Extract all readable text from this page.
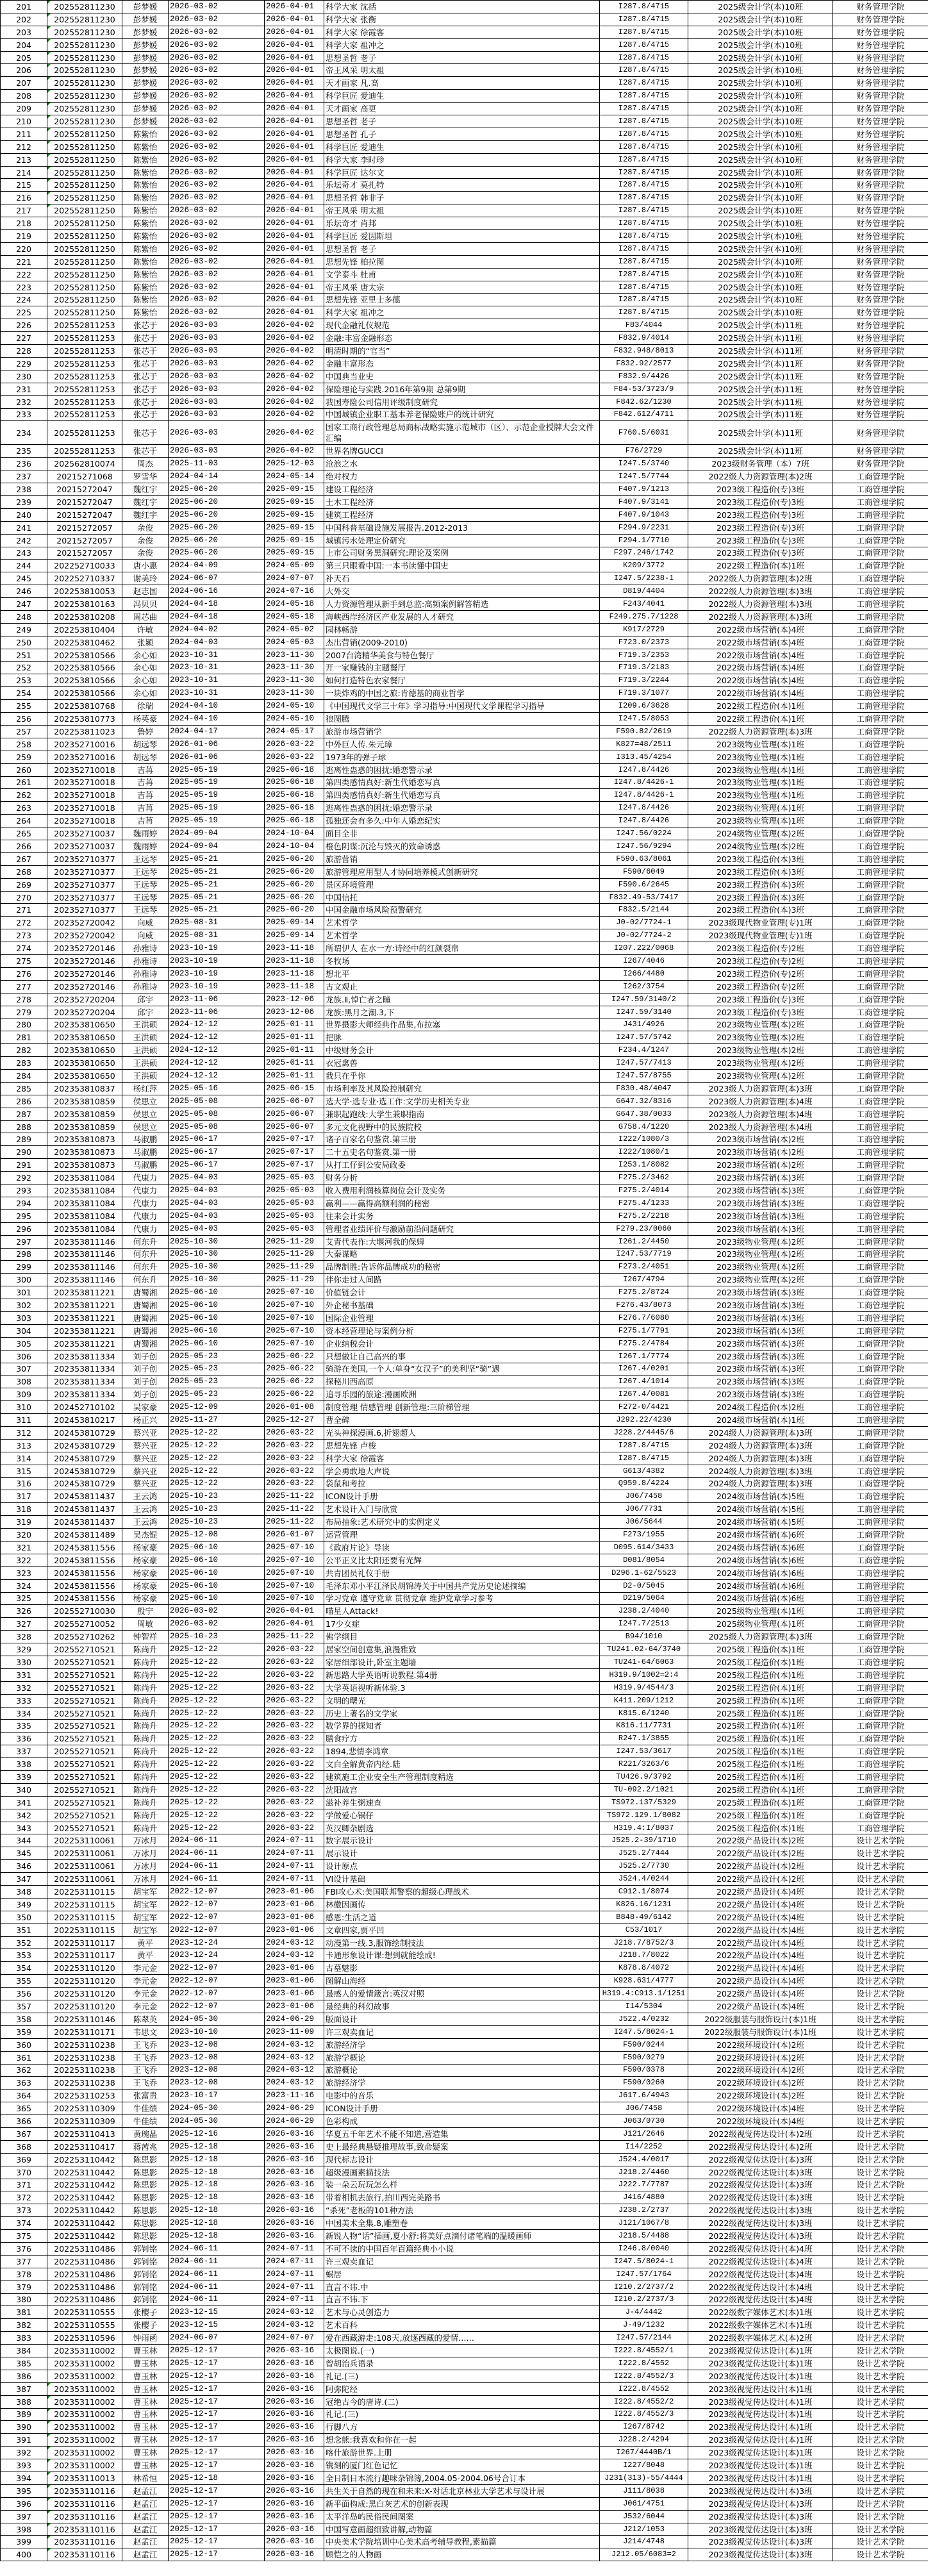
201	202552811230	彭梦媛	2026-03-02	2026-04-01	科学大家 沈括	I287.8/4715	2025级会计学(本)10班	财务管理学院
202	202552811230	彭梦媛	2026-03-02	2026-04-01	科学大家 张衡	I287.8/4715	2025级会计学(本)10班	财务管理学院
203	202552811230	彭梦媛	2026-03-02	2026-04-01	科学大家 徐霞客	I287.8/4715	2025级会计学(本)10班	财务管理学院
204	202552811230	彭梦媛	2026-03-02	2026-04-01	科学大家 祖冲之	I287.8/4715	2025级会计学(本)10班	财务管理学院
205	202552811230	彭梦媛	2026-03-02	2026-04-01	思想圣哲 老子	I287.8/4715	2025级会计学(本)10班	财务管理学院
206	202552811230	彭梦媛	2026-03-02	2026-04-01	帝王风采 明太祖	I287.8/4715	2025级会计学(本)10班	财务管理学院
207	202552811230	彭梦媛	2026-03-02	2026-04-01	天才画家 凡.高	I287.8/4715	2025级会计学(本)10班	财务管理学院
208	202552811230	彭梦媛	2026-03-02	2026-04-01	科学巨匠 爱迪生	I287.8/4715	2025级会计学(本)10班	财务管理学院
209	202552811230	彭梦媛	2026-03-02	2026-04-01	天才画家 高更	I287.8/4715	2025级会计学(本)10班	财务管理学院
210	202552811230	彭梦媛	2026-03-02	2026-04-01	思想圣哲 老子	I287.8/4715	2025级会计学(本)10班	财务管理学院
211	202552811250	陈紫怡	2026-03-02	2026-04-01	思想圣哲 孔子	I287.8/4715	2025级会计学(本)10班	财务管理学院
212	202552811250	陈紫怡	2026-03-02	2026-04-01	科学巨匠 爱迪生	I287.8/4715	2025级会计学(本)10班	财务管理学院
213	202552811250	陈紫怡	2026-03-02	2026-04-01	科学大家 李时珍	I287.8/4715	2025级会计学(本)10班	财务管理学院
214	202552811250	陈紫怡	2026-03-02	2026-04-01	科学巨匠 达尔文	I287.8/4715	2025级会计学(本)10班	财务管理学院
215	202552811250	陈紫怡	2026-03-02	2026-04-01	乐坛奇才 莫扎特	I287.8/4715	2025级会计学(本)10班	财务管理学院
216	202552811250	陈紫怡	2026-03-02	2026-04-01	思想圣哲 韩非子	I287.8/4715	2025级会计学(本)10班	财务管理学院
217	202552811250	陈紫怡	2026-03-02	2026-04-01	帝王风采 明太祖	I287.8/4715	2025级会计学(本)10班	财务管理学院
218	202552811250	陈紫怡	2026-03-02	2026-04-01	乐坛奇才 肖邦	I287.8/4715	2025级会计学(本)10班	财务管理学院
219	202552811250	陈紫怡	2026-03-02	2026-04-01	科学巨匠 爱因斯坦	I287.8/4715	2025级会计学(本)10班	财务管理学院
220	202552811250	陈紫怡	2026-03-02	2026-04-01	思想圣哲 老子	I287.8/4715	2025级会计学(本)10班	财务管理学院
221	202552811250	陈紫怡	2026-03-02	2026-04-01	思想先锋 柏拉图	I287.8/4715	2025级会计学(本)10班	财务管理学院
222	202552811250	陈紫怡	2026-03-02	2026-04-01	文学泰斗 杜甫	I287.8/4715	2025级会计学(本)10班	财务管理学院
223	202552811250	陈紫怡	2026-03-02	2026-04-01	帝王风采 唐太宗	I287.8/4715	2025级会计学(本)10班	财务管理学院
224	202552811250	陈紫怡	2026-03-02	2026-04-01	思想先锋 亚里士多德	I287.8/4715	2025级会计学(本)10班	财务管理学院
225	202552811250	陈紫怡	2026-03-02	2026-04-01	科学大家 祖冲之	I287.8/4715	2025级会计学(本)10班	财务管理学院
226	202552811253	张芯于	2026-03-03	2026-04-02	现代金融礼仪规范	F83/4044	2025级会计学(本)11班	财务管理学院
227	202552811253	张芯于	2026-03-03	2026-04-02	金融:丰富金融形态	F832.9/4014	2025级会计学(本)11班	财务管理学院
228	202552811253	张芯于	2026-03-03	2026-04-02	明清时期的“官当”	F832.948/8013	2025级会计学(本)11班	财务管理学院
229	202552811253	张芯于	2026-03-03	2026-04-02	金融丰富形态	F832.92/2577	2025级会计学(本)11班	财务管理学院
230	202552811253	张芯于	2026-03-03	2026-04-02	中国典当业史	F832.9/4426	2025级会计学(本)11班	财务管理学院
231	202552811253	张芯于	2026-03-03	2026-04-02	保险理论与实践.2016年第9期 总第9期	F84-53/3723/9	2025级会计学(本)11班	财务管理学院
232	202552811253	张芯于	2026-03-03	2026-04-02	我国寿险公司信用评级制度研究	F842.62/1230	2025级会计学(本)11班	财务管理学院
233	202552811253	张芯于	2026-03-03	2026-04-02	中国城镇企业职工基本养老保险账户的统计研究	F842.612/4711	2025级会计学(本)11班	财务管理学院
234	202552811253	张芯于	2026-03-03	2026-04-02	国家工商行政管理总局商标战略实施示范城市（区）、示范企业授牌大会文件汇编	F760.5/6031	2025级会计学(本)11班	财务管理学院
235	202552811253	张芯于	2026-03-03	2026-04-02	世界名牌GUCCI	F76/2729	2025级会计学(本)11班	财务管理学院
236	202562810074	周杰	2025-11-03	2025-12-03	沧浪之水	I247.5/3740	2023级财务管理（本）7班	财务管理学院
237	20215271068	罗雪华	2024-04-14	2024-05-14	绝对权力	I247.5/7744	2022级人力资源管理(本)2班	工商管理学院
238	20215272047	魏红宇	2025-06-20	2025-09-15	建设工程经济	F407.9/1213	2023级工程造价(专)3班	工商管理学院
239	20215272047	魏红宇	2025-06-20	2025-09-15	土木工程经济	F407.9/3141	2023级工程造价(专)3班	工商管理学院
240	20215272047	魏红宇	2025-06-20	2025-09-15	建筑工程经济	F407.9/1043	2023级工程造价(专)3班	工商管理学院
241	20215272057	余俊	2025-06-20	2025-09-15	中国科普基础设施发展报告.2012-2013	F294.9/2231	2023级工程造价(专)3班	工商管理学院
242	20215272057	余俊	2025-06-20	2025-09-15	城镇污水处理定价研究	F294.1/7710	2023级工程造价(专)3班	工商管理学院
243	20215272057	余俊	2025-06-20	2025-09-15	上市公司财务黑洞研究:理论及案例	F297.246/1742	2023级工程造价(专)3班	工商管理学院
244	202252710033	唐小惠	2024-04-09	2024-05-09	第三只眼看中国:一本书读懂中国史	K209/3772	2022级工程造价(本)1班	工商管理学院
245	202252710337	谢美玲	2024-06-07	2024-07-07	补天石	I247.5/2238-1	2022级人力资源管理(本)2班	工商管理学院
246	202253810053	赵志国	2024-06-16	2024-07-16	大外交	D819/4404	2022级人力资源管理(本)3班	工商管理学院
247	202253810163	冯贝贝	2024-04-18	2024-05-18	人力资源管理从新手到总监:高频案例解答精选	F243/4041	2022级人力资源管理(本)3班	工商管理学院
248	202253810208	周芯曲	2024-04-18	2024-05-18	海峡西岸经济区产业发展的人才研究	F249.275.7/1228	2022级人力资源管理(本)3班	工商管理学院
249	202253810404	许敏	2024-04-02	2024-05-02	园林畅游	K917/2729	2022级市场营销(本)4班	工商管理学院
250	202253810462	张颍	2024-04-03	2024-05-03	杰出营销(2009-2010)	F723.0/2373	2022级市场营销(本)4班	工商管理学院
251	202253810566	余心如	2023-10-31	2023-11-30	2007台湾精华美食与特色餐厅	F719.3/2353	2022级市场营销(本)4班	工商管理学院
252	202253810566	余心如	2023-10-31	2023-11-30	开一家赚钱的主题餐厅	F719.3/2183	2022级市场营销(本)4班	工商管理学院
253	202253810566	余心如	2023-10-31	2023-11-30	如何打造特色农家餐厅	F719.3/2244	2022级市场营销(本)4班	工商管理学院
254	202253810566	余心如	2023-10-31	2023-11-30	一块炸鸡的中国之旅:肯德基的商业哲学	F719.3/1077	2022级市场营销(本)4班	工商管理学院
255	202253810768	徐瑞	2024-04-10	2024-05-10	《中国现代文学三十年》学习指导:中国现代文学课程学习指导	I209.6/3628	2022级工程造价(本)1班	工商管理学院
256	202253810773	杨英豪	2024-04-10	2024-05-10	狼图腾	I247.5/8053	2022级工程造价(本)1班	工商管理学院
257	202253811023	鲁婷	2024-04-17	2024-05-17	旅游市场营销学	F590.82/2619	2022级人力资源管理(本)3班	工商管理学院
258	202352710016	胡远琴	2026-01-06	2026-03-22	中外巨人传.朱元璋	K827=48/2511	2023级物业管理(本)1班	工商管理学院
259	202352710016	胡远琴	2026-01-06	2026-03-22	1973年的弹子球	I313.45/4254	2023级物业管理(本)1班	工商管理学院
260	202352710018	吉苒	2025-05-19	2025-06-18	逃离性蛊惑的困扰:婚恋警示录	I247.8/4426	2023级物业管理(本)1班	工商管理学院
261	202352710018	吉苒	2025-05-19	2025-06-18	第四类感情真好:新生代婚恋写真	I247.8/4426-1	2023级物业管理(本)1班	工商管理学院
262	202352710018	吉苒	2025-05-19	2025-06-18	第四类感情真好:新生代婚恋写真	I247.8/4426-1	2023级物业管理(本)1班	工商管理学院
263	202352710018	吉苒	2025-05-19	2025-06-18	逃离性蛊惑的困扰:婚恋警示录	I247.8/4426	2023级物业管理(本)1班	工商管理学院
264	202352710018	吉苒	2025-05-19	2025-06-18	孤独还会有多久:中年人婚恋纪实	I247.8/4426	2023级物业管理(本)1班	工商管理学院
265	202352710037	魏雨婷	2024-09-04	2024-10-04	面目全非	I247.56/0224	2024级物业管理(本)2班	工商管理学院
266	202352710037	魏雨婷	2024-09-04	2024-10-04	橙色阴谋:沉沦与毁灭的致命诱惑	I247.56/9294	2024级物业管理(本)2班	工商管理学院
267	202352710377	王远琴	2025-05-21	2025-06-20	旅游营销	F590.63/8061	2023级工程造价(本)3班	工商管理学院
268	202352710377	王远琴	2025-05-21	2025-06-20	旅游管理应用型人才协同培养模式创新研究	F590/6049	2023级工程造价(本)3班	工商管理学院
269	202352710377	王远琴	2025-05-21	2025-06-20	景区环境管理	F590.6/2645	2023级工程造价(本)3班	工商管理学院
270	202352710377	王远琴	2025-05-21	2025-06-20	中国信托	F832.49-53/7417	2023级工程造价(本)3班	工商管理学院
271	202352710377	王远琴	2025-05-21	2025-06-20	中国金融市场风险预警研究	F832.5/2144	2023级工程造价(本)3班	工商管理学院
272	202352720042	向威	2025-08-31	2025-09-14	艺术哲学	J0-02/7724-1	2023级现代物业管理(专)1班	工商管理学院
273	202352720042	向威	2025-08-31	2025-09-14	艺术哲学	J0-02/7724-2	2023级现代物业管理(专)1班	工商管理学院
274	202352720146	孙雅诗	2023-10-19	2023-11-18	所谓伊人 在水一方:诗经中的红颜裂帛	I207.222/0068	2023级工程造价(专)2班	工商管理学院
275	202352720146	孙雅诗	2023-10-19	2023-11-18	冬牧场	I267/4046	2023级工程造价(专)2班	工商管理学院
276	202352720146	孙雅诗	2023-10-19	2023-11-18	想北平	I266/4480	2023级工程造价(专)2班	工商管理学院
277	202352720146	孙雅诗	2023-10-19	2023-11-18	古文观止	I262/3754	2023级工程造价(专)2班	工商管理学院
278	202352720204	邱宇	2023-11-06	2023-12-06	龙族.Ⅱ,悼亡者之瞳	I247.59/3140/2	2023级工程造价(专)3班	工商管理学院
279	202352720204	邱宇	2023-11-06	2023-12-06	龙族:黑月之潮.3,下	I247.59/3140	2023级工程造价(专)3班	工商管理学院
280	202353810650	王洪硕	2024-12-12	2025-01-11	世界摄影大师经典作品集,布拉塞	J431/4926	2023级物业管理(本)2班	工商管理学院
281	202353810650	王洪硕	2024-12-12	2025-01-11	把脉	I247.57/5742	2023级物业管理(本)2班	工商管理学院
282	202353810650	王洪硕	2024-12-12	2025-01-11	中级财务会计	F234.4/1247	2023级物业管理(本)2班	工商管理学院
283	202353810650	王洪硕	2024-12-12	2025-01-11	衣冠禽兽	I247.57/7413	2023级物业管理(本)2班	工商管理学院
284	202353810650	王洪硕	2024-12-12	2025-01-11	我只在乎你	I247.57/8755	2023级物业管理(本)2班	工商管理学院
285	202353810837	杨红萍	2025-05-16	2025-06-15	市场利率及其风险控制研究	F830.48/4047	2023级人力资源管理(本)3班	工商管理学院
286	202353810859	侯思立	2025-05-08	2025-06-07	选大学·选专业·选工作:文学历史相关专业	G647.32/8316	2023级人力资源管理(本)4班	工商管理学院
287	202353810859	侯思立	2025-05-08	2025-06-07	兼职起跑线:大学生兼职指南	G647.38/0033	2023级人力资源管理(本)4班	工商管理学院
288	202353810859	侯思立	2025-05-08	2025-06-07	多元文化视野中的民族院校	G758.4/1220	2023级人力资源管理(本)4班	工商管理学院
289	202353810873	马淑鹏	2025-06-17	2025-07-17	诸子百家名句鉴赏.第三册	I222/1080/3	2023级市场营销(本)2班	工商管理学院
290	202353810873	马淑鹏	2025-06-17	2025-07-17	二十五史名句鉴赏.第一册	I222/1080/1	2023级市场营销(本)2班	工商管理学院
291	202353810873	马淑鹏	2025-06-17	2025-07-17	从打工仔到公安局政委	I253.1/8082	2023级市场营销(本)2班	工商管理学院
292	202353811084	代康力	2025-04-03	2025-05-03	财务分析	F275.2/3462	2023级市场营销(本)3班	工商管理学院
293	202353811084	代康力	2025-04-03	2025-05-03	收入费用利润核算岗位会计及实务	F275.2/4014	2023级市场营销(本)3班	工商管理学院
294	202353811084	代康力	2025-04-03	2025-05-03	赢利——赢得高额利润的秘密	F275.4/1233	2023级市场营销(本)3班	工商管理学院
295	202353811084	代康力	2025-04-03	2025-05-03	往来会计实务	F275.2/2218	2023级市场营销(本)3班	工商管理学院
296	202353811084	代康力	2025-04-03	2025-05-03	管理者业绩评价与激励前沿问题研究	F279.23/0060	2023级市场营销(本)3班	工商管理学院
297	202353811146	何东升	2025-10-30	2025-11-29	艾青代表作:大堰河我的保姆	I261.2/4450	2023级物业管理(本)2班	工商管理学院
298	202353811146	何东升	2025-10-30	2025-11-29	大秦谋略	I247.53/7719	2023级物业管理(本)2班	工商管理学院
299	202353811146	何东升	2025-10-30	2025-11-29	品牌制胜:告诉你品牌成功的秘密	F273.2/4051	2023级物业管理(本)2班	工商管理学院
300	202353811146	何东升	2025-10-30	2025-11-29	伴你走过人间路	I267/4794	2023级物业管理(本)2班	工商管理学院
301	202353811221	唐蜀湘	2025-06-10	2025-07-10	价值链会计	F275.2/8724	2023级市场营销(本)3班	工商管理学院
302	202353811221	唐蜀湘	2025-06-10	2025-07-10	外企秘书基础	F276.43/8073	2023级市场营销(本)3班	工商管理学院
303	202353811221	唐蜀湘	2025-06-10	2025-07-10	国际企业管理	F276.7/6080	2023级市场营销(本)3班	工商管理学院
304	202353811221	唐蜀湘	2025-06-10	2025-07-10	资本经营理论与案例分析	F275.1/7791	2023级市场营销(本)3班	工商管理学院
305	202353811221	唐蜀湘	2025-06-10	2025-07-10	企业纳税会计	F275.2/4784	2023级市场营销(本)3班	工商管理学院
306	202353811334	刘子创	2025-05-23	2025-06-22	只想做让自己高兴的事	I267.1/7774	2023级市场营销(本)3班	工商管理学院
307	202353811334	刘子创	2025-05-23	2025-06-22	骑游在美国,一个人:单身“女汉子”的美利坚“骑”遇	I267.4/0201	2023级市场营销(本)3班	工商管理学院
308	202353811334	刘子创	2025-05-23	2025-06-22	探秘川西高原	I267.4/1014	2023级市场营销(本)3班	工商管理学院
309	202353811334	刘子创	2025-05-23	2025-06-22	追寻乐园的旅途:漫画欧洲	I267.4/0081	2023级市场营销(本)3班	工商管理学院
310	202452710102	吴家豪	2025-12-09	2026-01-08	制度管理 情感管理 创新管理:三阶梯管理	F272-0/4421	2024级工程造价(本)2班	工商管理学院
311	202453810217	杨正兴	2025-11-27	2025-12-27	曹全碑	J292.22/4230	2024级市场营销(本)1班	工商管理学院
312	202453810729	蔡兴亚	2025-12-22	2026-03-22	光头神探漫画.6,折翅超人	J228.2/4445/6	2024级人力资源管理(本)3班	工商管理学院
313	202453810729	蔡兴亚	2025-12-22	2026-03-22	思想先锋 卢梭	I287.8/4715	2024级人力资源管理(本)3班	工商管理学院
314	202453810729	蔡兴亚	2025-12-22	2026-03-22	科学大家 徐霞客	I287.8/4715	2024级人力资源管理(本)3班	工商管理学院
315	202453810729	蔡兴亚	2025-12-22	2026-03-22	学会勇敢地大声说	G613/4382	2024级人力资源管理(本)3班	工商管理学院
316	202453810729	蔡兴亚	2025-12-22	2026-03-22	袋鼠和考拉	Q959.8/4224	2024级人力资源管理(本)3班	工商管理学院
317	202453811437	王云鸿	2025-10-23	2025-11-22	ICON设计手册	J06/7458	2024级市场营销(本)5班	工商管理学院
318	202453811437	王云鸿	2025-10-23	2025-11-22	艺术设计入门与欣赏	J06/7731	2024级市场营销(本)5班	工商管理学院
319	202453811437	王云鸿	2025-10-23	2025-11-22	布局抽象:艺术研究中的实例定义	J06/5644	2024级市场营销(本)5班	工商管理学院
320	202453811489	吴杰锟	2025-12-08	2026-01-07	运营管理	F273/1955	2024级市场营销(本)6班	工商管理学院
321	202453811556	杨家豪	2025-06-10	2025-07-10	《政府片论》导读	D095.614/3433	2024级市场营销(本)6班	工商管理学院
322	202453811556	杨家豪	2025-06-10	2025-07-10	公平正义比太阳还要有光辉	D081/8054	2024级市场营销(本)6班	工商管理学院
323	202453811556	杨家豪	2025-06-10	2025-07-10	共青团员礼仪手册	D296.1-62/5523	2024级市场营销(本)6班	工商管理学院
324	202453811556	杨家豪	2025-06-10	2025-07-10	毛泽东邓小平江泽民胡锦涛关于中国共产党历史论述摘编	D2-0/5045	2024级市场营销(本)6班	工商管理学院
325	202453811556	杨家豪	2025-06-10	2025-07-10	学习党章 遵守党章 贯彻党章 维护党章学习参考	D219/5064	2024级市场营销(本)6班	工商管理学院
326	202552710030	殷宁	2026-03-02	2026-04-01	喵星人Attack!	J238.2/4040	2025级物业管理(本)1班	工商管理学院
327	202552710052	周敏	2026-03-02	2026-04-01	17少女症	I247.7/2513	2025级物业管理(本)1班	工商管理学院
328	202552710262	钟智祥	2025-10-23	2025-11-22	佛学纲目	B94/1010	2025级人力资源管理(本)3班	工商管理学院
329	202552710521	陈尚升	2025-12-22	2026-03-22	居家空间创意集,浪漫雅致	TU241.02-64/3740	2025级工程造价(本)1班	工商管理学院
330	202552710521	陈尚升	2025-12-22	2026-03-22	家居细部设计,卧室主题墙	TU241-64/6063	2025级工程造价(本)1班	工商管理学院
331	202552710521	陈尚升	2025-12-22	2026-03-22	新思路大学英语听说教程.第4册	H319.9/1002=2:4	2025级工程造价(本)1班	工商管理学院
332	202552710521	陈尚升	2025-12-22	2026-03-22	大学英语视听新体验.3	H319.9/4544/3	2025级工程造价(本)1班	工商管理学院
333	202552710521	陈尚升	2025-12-22	2026-03-22	文明的曙光	K411.209/1212	2025级工程造价(本)1班	工商管理学院
334	202552710521	陈尚升	2025-12-22	2026-03-22	历史上著名的文学家	K815.6/1240	2025级工程造价(本)1班	工商管理学院
335	202552710521	陈尚升	2025-12-22	2026-03-22	数学界的探知者	K816.11/7731	2025级工程造价(本)1班	工商管理学院
336	202552710521	陈尚升	2025-12-22	2026-03-22	膳食疗方	R247.1/3855	2025级工程造价(本)1班	工商管理学院
337	202552710521	陈尚升	2025-12-22	2026-03-22	1894,悲情李鸿章	I247.53/3617	2025级工程造价(本)1班	工商管理学院
338	202552710521	陈尚升	2025-12-22	2026-03-22	文白全解黄帝内经.陆	R221/3263/6	2025级工程造价(本)1班	工商管理学院
339	202552710521	陈尚升	2025-12-22	2026-03-22	建筑施工企业安全生产管理制度精选	TU426.9/3792	2025级工程造价(本)1班	工商管理学院
340	202552710521	陈尚升	2025-12-22	2026-03-22	沈阳故宫	TU-092.2/1021	2025级工程造价(本)1班	工商管理学院
341	202552710521	陈尚升	2025-12-22	2026-03-22	滋补养生粥速查	TS972.137/5329	2025级工程造价(本)1班	工商管理学院
342	202552710521	陈尚升	2025-12-22	2026-03-22	学做爱心锅仔	TS972.129.1/8082	2025级工程造价(本)1班	工商管理学院
343	202552710521	陈尚升	2025-12-22	2026-03-22	英汉卿杂剧选	H319.4:I/8037	2025级工程造价(本)1班	工商管理学院
344	202253110061	万冰月	2024-06-11	2024-07-11	数字展示设计	J525.2-39/1710	2022级产品设计(本)2班	设计艺术学院
345	202253110061	万冰月	2024-06-11	2024-07-11	展示设计	J525.2/7444	2022级产品设计(本)2班	设计艺术学院
346	202253110061	万冰月	2024-06-11	2024-07-11	设计原点	J525.2/7730	2022级产品设计(本)2班	设计艺术学院
347	202253110061	万冰月	2024-06-11	2024-07-11	VI设计基础	J524.4/0244	2022级产品设计(本)2班	设计艺术学院
348	202253110115	胡宝军	2022-12-07	2023-01-06	FBI攻心术:美国联邦警察的超级心理战术	C912.1/8074	2022级产品设计(本)4班	设计艺术学院
349	202253110115	胡宝军	2022-12-07	2023-01-06	林徽因画传	K826.16/1231	2022级产品设计(本)4班	设计艺术学院
350	202253110115	胡宝军	2022-12-07	2023-01-06	感恩:生活之道	B848-49/6142	2022级产品设计(本)4班	设计艺术学院
351	202253110115	胡宝军	2022-12-07	2023-01-06	文章四家,贾平凹	C53/1017	2022级产品设计(本)4班	设计艺术学院
352	202253110117	黄平	2023-12-24	2024-03-12	动漫第一线.3,服饰绘制技法	J218.7/8752/3	2022级产品设计(本)4班	设计艺术学院
353	202253110117	黄平	2023-12-24	2024-03-12	卡通形象设计课:想到就能绘成!	J218.7/8022	2022级产品设计(本)4班	设计艺术学院
354	202253110120	李元金	2022-12-07	2023-01-06	古墓魅影	K878.8/4072	2022级产品设计(本)4班	设计艺术学院
355	202253110120	李元金	2022-12-07	2023-01-06	图解山海经	K928.631/4777	2022级产品设计(本)4班	设计艺术学院
356	202253110120	李元金	2022-12-07	2023-01-06	最感人的爱情箴言:英汉对照	H319.4:C913.1/1251	2022级产品设计(本)4班	设计艺术学院
357	202253110120	李元金	2022-12-07	2023-01-06	最经典的科幻故事	I14/5304	2022级产品设计(本)4班	设计艺术学院
358	202253110146	陈翠英	2024-05-30	2024-06-29	版面设计	J522.4/0232	2022级服装与服饰设计(本)1班	设计艺术学院
359	202253110171	韦思文	2023-10-10	2023-11-09	许三观卖血记	I247.5/8024-1	2022级服装与服饰设计(本)1班	设计艺术学院
360	202253110238	王飞乔	2023-12-08	2024-03-12	旅游经济学	F590/0244	2022级环境设计(本)2班	设计艺术学院
361	202253110238	王飞乔	2023-12-08	2024-03-12	旅游学概论	F590/0279	2022级环境设计(本)2班	设计艺术学院
362	202253110238	王飞乔	2023-12-08	2024-03-12	旅游概论	F590/0378	2022级环境设计(本)2班	设计艺术学院
363	202253110238	王飞乔	2023-12-08	2024-03-12	旅游经济学	F590/0260	2022级环境设计(本)2班	设计艺术学院
364	202253110253	张富贵	2023-10-17	2023-11-16	电影中的音乐	J617.6/4943	2022级环境设计(本)2班	设计艺术学院
365	202253110309	牛佳绩	2024-05-30	2024-06-29	ICON设计手册	J06/7458	2022级环境设计(本)4班	设计艺术学院
366	202253110309	牛佳绩	2024-05-30	2024-06-29	色彩构成	J063/0730	2022级环境设计(本)4班	设计艺术学院
367	202253110413	黄琬晶	2025-12-16	2026-03-16	华夏五千年艺术不能不知道,营造集	J121/2646	2022级视觉传达设计(本)2班	设计艺术学院
368	202253110417	蒋茜兆	2025-12-18	2026-03-16	史上最经典悬疑推理故事,致命疑案	I14/2252	2022级视觉传达设计(本)2班	设计艺术学院
369	202253110442	陈思影	2025-12-18	2026-03-16	现代标志设计	J524.4/0017	2022级视觉传达设计(本)3班	设计艺术学院
370	202253110442	陈思影	2025-12-18	2026-03-16	超级漫画素描技法	J218.2/4460	2022级视觉传达设计(本)3班	设计艺术学院
371	202253110442	陈思影	2025-12-18	2026-03-16	装一朵云玩玩怎么样	J222.7/7787	2022级视觉传达设计(本)3班	设计艺术学院
372	202253110442	陈思影	2025-12-18	2026-03-16	带着相机去旅行,拍川西完美路书	J416/4880	2022级视觉传达设计(本)3班	设计艺术学院
373	202253110442	陈思影	2025-12-18	2026-03-16	“杀死”老板的101种方法	J238.2/2737	2022级视觉传达设计(本)3班	设计艺术学院
374	202253110442	陈思影	2025-12-18	2026-03-16	中国美术全集.8,雕塑卷	J121/1067/8	2022级视觉传达设计(本)3班	设计艺术学院
375	202253110442	陈思影	2025-12-18	2026-03-16	新锐人物“话”插画,夏小舒:将美好点滴付诸笔端的温暖画师	J218.5/4488	2022级视觉传达设计(本)3班	设计艺术学院
376	202253110486	郭钊铭	2024-06-11	2024-07-11	不可不读的中国百年百篇经典小小说	I246.8/0040	2022级视觉传达设计(本)4班	设计艺术学院
377	202253110486	郭钊铭	2024-06-11	2024-07-11	许三观卖血记	I247.5/8024-1	2022级视觉传达设计(本)4班	设计艺术学院
378	202253110486	郭钊铭	2024-06-11	2024-07-11	蜗居	I247.57/1764	2022级视觉传达设计(本)4班	设计艺术学院
379	202253110486	郭钊铭	2024-06-11	2024-07-11	直言不讳.中	I210.2/2737/2	2022级视觉传达设计(本)4班	设计艺术学院
380	202253110486	郭钊铭	2024-06-11	2024-07-11	直言不讳.下	I210.2/2737/3	2022级视觉传达设计(本)4班	设计艺术学院
381	202253110555	张樱子	2023-12-15	2024-03-12	艺术与心灵创造力	J-4/4442	2022级数字媒体艺术(本)1班	设计艺术学院
382	202253110555	张樱子	2023-12-15	2024-03-12	艺术百科	J-49/1232	2022级数字媒体艺术(本)1班	设计艺术学院
383	202253110596	钟雨函	2024-06-07	2024-07-07	爱在西藏游走:108天,放逐西藏的爱情……	I247.57/2144	2022级数字媒体艺术(本)2班	设计艺术学院
384	202353110002	曹玉林	2025-12-17	2026-03-16	太极图说.(一)	I222.8/4552/1	2023级视觉传达设计(本)1班	设计艺术学院
385	202353110002	曹玉林	2025-12-17	2026-03-16	曾胡治兵语录	I222.8/4552	2023级视觉传达设计(本)1班	设计艺术学院
386	202353110002	曹玉林	2025-12-17	2026-03-16	礼记.(三)	I222.8/4552/3	2023级视觉传达设计(本)1班	设计艺术学院
387	202353110002	曹玉林	2025-12-17	2026-03-16	阿弥陀经	I222.8/4552	2023级视觉传达设计(本)1班	设计艺术学院
388	202353110002	曹玉林	2025-12-17	2026-03-16	冠绝古今的唐诗.(二)	I222.8/4552/2	2023级视觉传达设计(本)1班	设计艺术学院
389	202353110002	曹玉林	2025-12-17	2026-03-16	礼记.(三)	I222.8/4552/3	2023级视觉传达设计(本)1班	设计艺术学院
390	202353110002	曹玉林	2025-12-17	2026-03-16	行脚八方	I267/8742	2023级视觉传达设计(本)1班	设计艺术学院
391	202353110002	曹玉林	2025-12-17	2026-03-16	想念熊:我喜欢和你在一起	J228.2/4294	2023级视觉传达设计(本)1班	设计艺术学院
392	202353110002	曹玉林	2025-12-17	2026-03-16	喀什旅游世界.上册	I267/4440B/1	2023级视觉传达设计(本)1班	设计艺术学院
393	202353110002	曹玉林	2025-12-17	2026-03-16	镌刻的厦门红色记忆	I227/8048	2023级视觉传达设计(本)1班	设计艺术学院
394	202353110013	林希恒	2025-12-18	2026-03-16	全日制日本流行趣味杂锦簿,2004.05-2004.06号合订本	J231(313)-55/4444	2023级视觉传达设计(本)1班	设计艺术学院
395	202353110116	赵孟江	2025-12-17	2026-03-16	共生关于自然的现在和未来:X-对话北京林业大学艺术与设计展	J111/8038	2023级视觉传达设计(本)3班	设计艺术学院
396	202353110116	赵孟江	2025-12-17	2026-03-16	新平面构成:黑白灰艺术的创新表现	J061/4751	2023级视觉传达设计(本)3班	设计艺术学院
397	202353110116	赵孟江	2025-12-17	2026-03-16	太平洋岛屿民俗民间图案	J532/6044	2023级视觉传达设计(本)3班	设计艺术学院
398	202353110116	赵孟江	2025-12-17	2026-03-16	中国写意画超细致讲解,动物篇	J212/1053	2023级视觉传达设计(本)3班	设计艺术学院
399	202353110116	赵孟江	2025-12-17	2026-03-16	中央美术学院培训中心美术高考辅导教程,素描篇	J214/4748	2023级视觉传达设计(本)3班	设计艺术学院
400	202353110116	赵孟江	2025-12-17	2026-03-16	顾恺之的人物画	J212.05/6083=2	2023级视觉传达设计(本)3班	设计艺术学院
